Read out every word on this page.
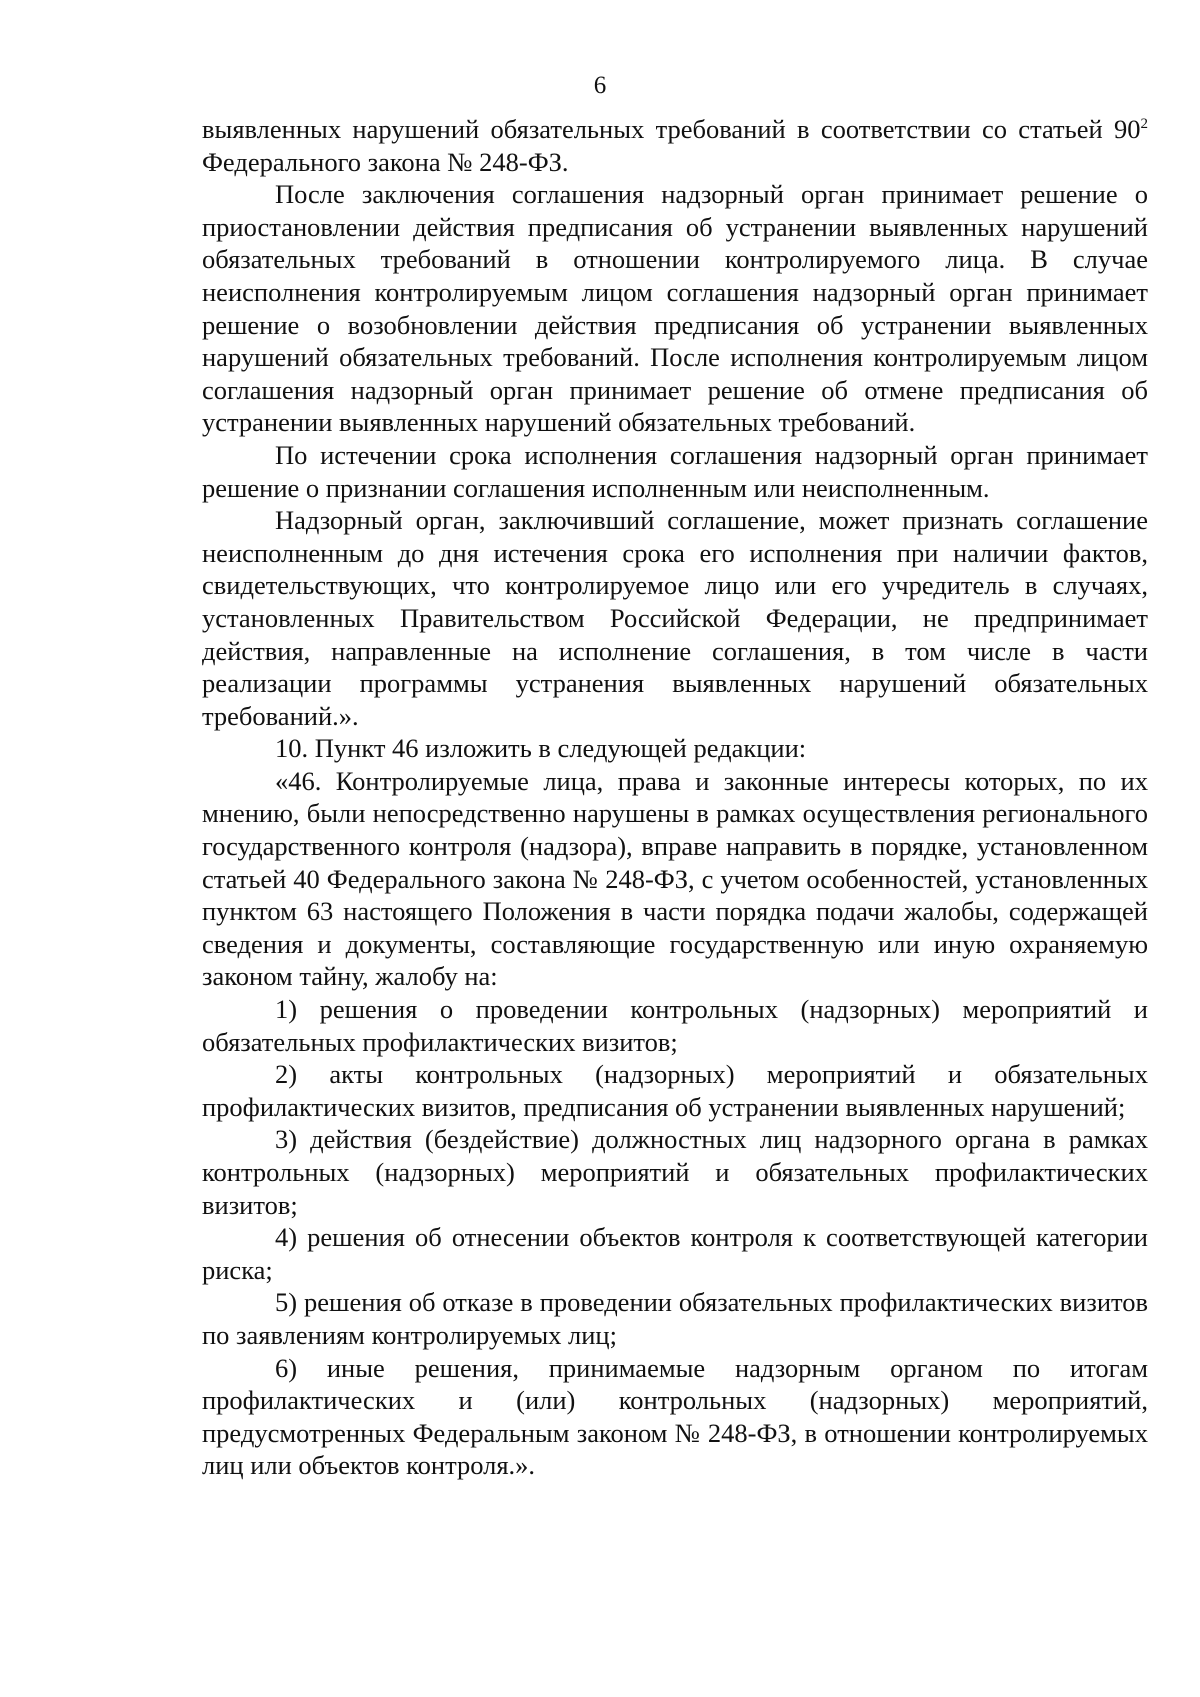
6

выявленных нарушений обязательных требований в соответствии со статьей $90^2$ Федерального закона № 248-ФЗ.

После заключения соглашения надзорный орган принимает решение о приостановлении действия предписания об устранении выявленных нарушений обязательных требований в отношении контролируемого лица. В случае неисполнения контролируемым лицом соглашения надзорный орган принимает решение о возобновлении действия предписания об устранении выявленных нарушений обязательных требований. После исполнения контролируемым лицом соглашения надзорный орган принимает решение об отмене предписания об устранении выявленных нарушений обязательных требований.

По истечении срока исполнения соглашения надзорный орган принимает решение о признании соглашения исполненным или неисполненным.

Надзорный орган, заключивший соглашение, может признать соглашение неисполненным до дня истечения срока его исполнения при наличии фактов, свидетельствующих, что контролируемое лицо или его учредитель в случаях, установленных Правительством Российской Федерации, не предпринимает действия, направленные на исполнение соглашения, в том числе в части реализации программы устранения выявленных нарушений обязательных требований.».

10. Пункт 46 изложить в следующей редакции:

«46. Контролируемые лица, права и законные интересы которых, по их мнению, были непосредственно нарушены в рамках осуществления регионального государственного контроля (надзора), вправе направить в порядке, установленном статьей 40 Федерального закона № 248-ФЗ, с учетом особенностей, установленных пунктом 63 настоящего Положения в части порядка подачи жалобы, содержащей сведения и документы, составляющие государственную или иную охраняемую законом тайну, жалобу на:

1) решения о проведении контрольных (надзорных) мероприятий и обязательных профилактических визитов;

2) акты контрольных (надзорных) мероприятий и обязательных профилактических визитов, предписания об устранении выявленных нарушений;

3) действия (бездействие) должностных лиц надзорного органа в рамках контрольных (надзорных) мероприятий и обязательных профилактических визитов;

4) решения об отнесении объектов контроля к соответствующей категории риска;

5) решения об отказе в проведении обязательных профилактических визитов по заявлениям контролируемых лиц;

6) иные решения, принимаемые надзорным органом по итогам профилактических и (или) контрольных (надзорных) мероприятий, предусмотренных Федеральным законом № 248-ФЗ, в отношении контролируемых лиц или объектов контроля.».
